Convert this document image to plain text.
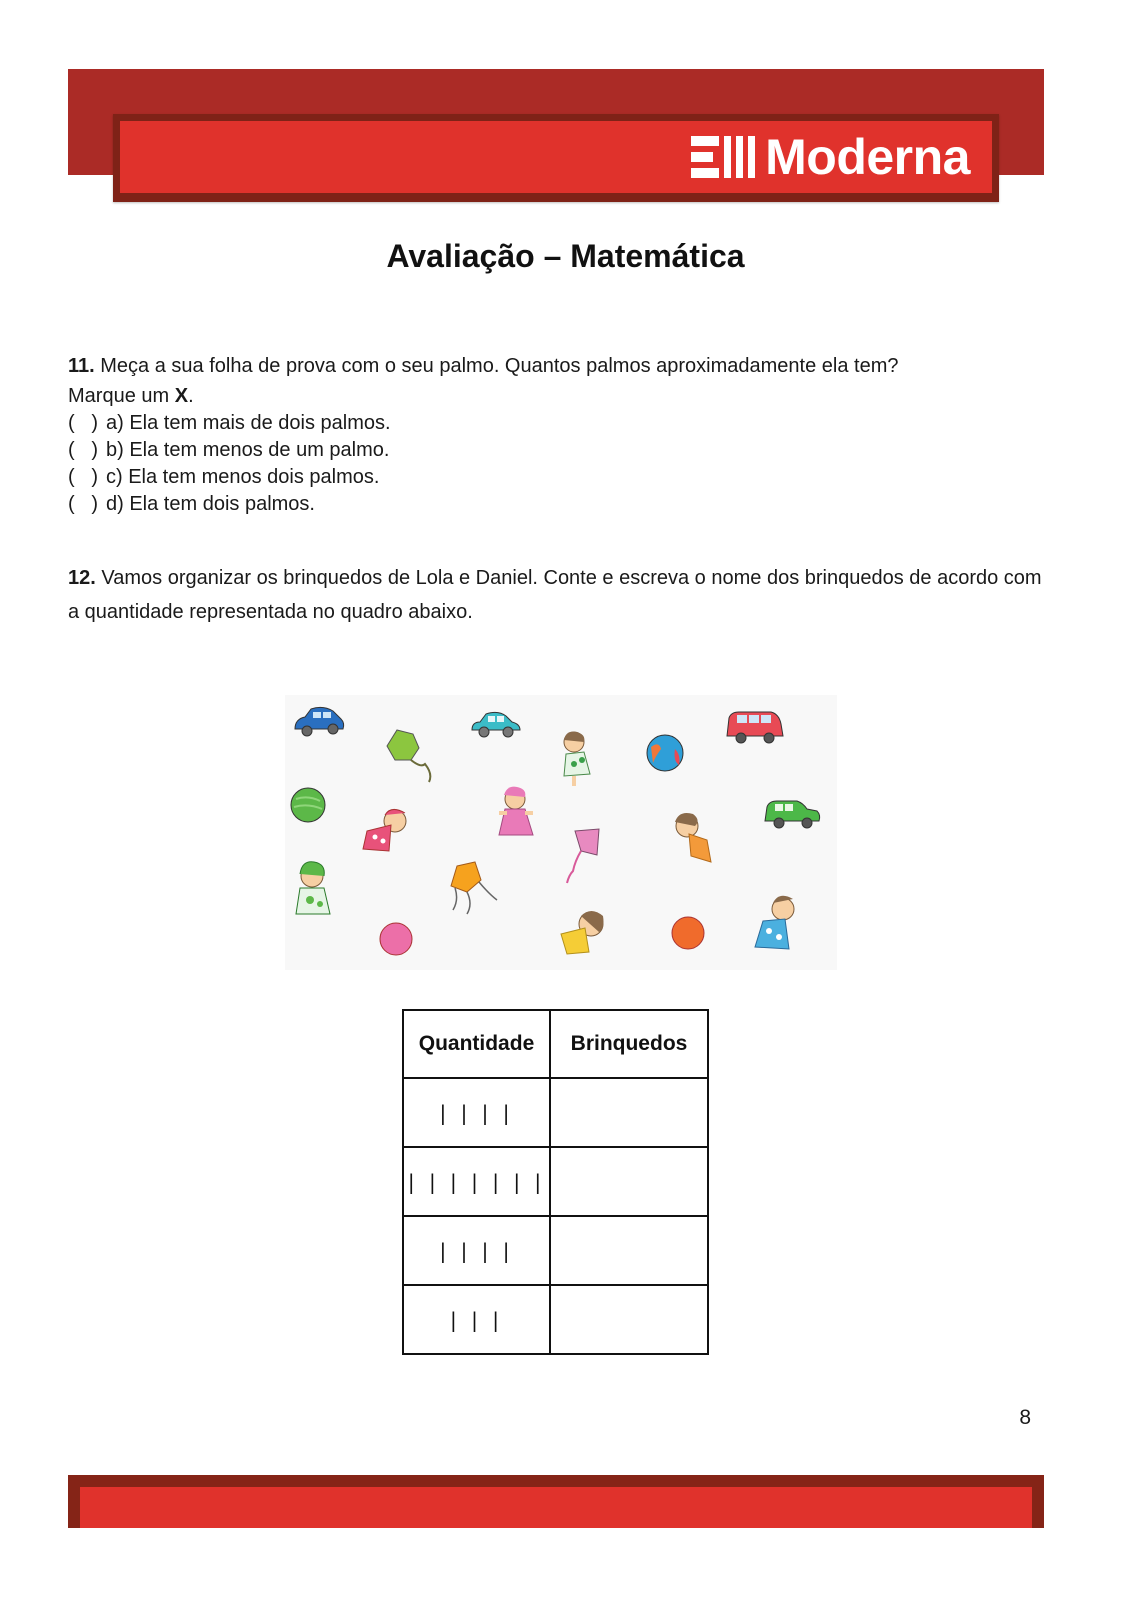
Moderna
Avaliação – Matemática
11. Meça a sua folha de prova com o seu palmo. Quantos palmos aproximadamente ela tem?
Marque um X.
(   ) a) Ela tem mais de dois palmos.
(   ) b) Ela tem menos de um palmo.
(   ) c) Ela tem menos dois palmos.
(   ) d) Ela tem dois palmos.
12. Vamos organizar os brinquedos de Lola e Daniel. Conte e escreva o nome dos brinquedos de acordo com a quantidade representada no quadro abaixo.
Quantidade	Brinquedos
| | | |	
| | | | | | |	
| | | |	
| | |	
8
